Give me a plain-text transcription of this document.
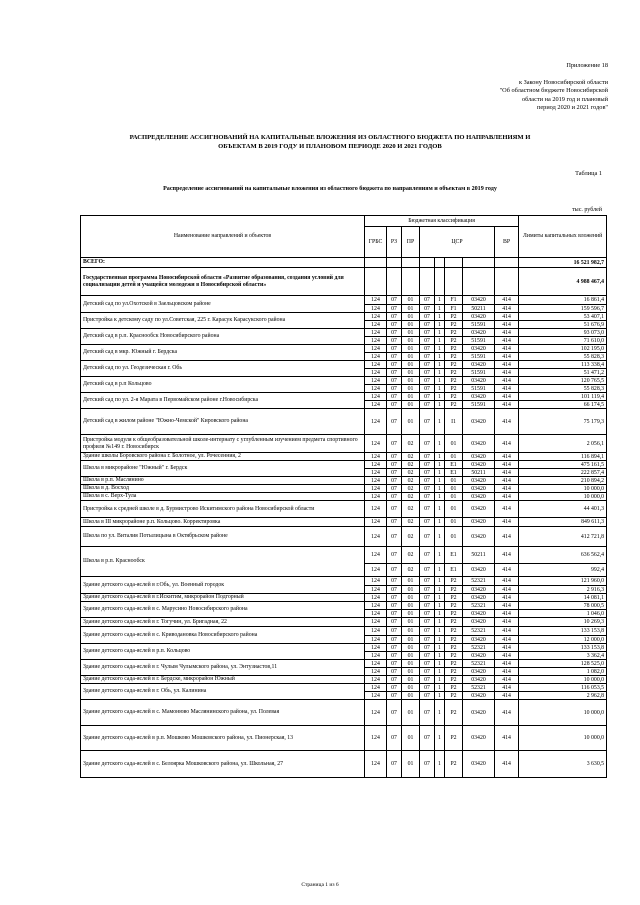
Приложение 18
к Закону Новосибирской области
"Об областном бюджете Новосибирской
области на 2019 год и плановый
период 2020 и 2021 годов"
РАСПРЕДЕЛЕНИЕ АССИГНОВАНИЙ НА КАПИТАЛЬНЫЕ ВЛОЖЕНИЯ ИЗ ОБЛАСТНОГО БЮДЖЕТА ПО НАПРАВЛЕНИЯМ И
ОБЪЕКТАМ В 2019 ГОДУ И ПЛАНОВОМ ПЕРИОДЕ 2020 И 2021 ГОДОВ
Таблица 1
Распределение ассигнований на капитальные вложения из областного бюджета по направлениям и объектам в 2019 году
тыс. рублей
Наименование направлений и объектов	Бюджетная классификация								Лимиты капитальных вложений
	ГРБС	РЗ	ПР	ЦСР				ВР	
ВСЕГО:									16 521 982,7
Государственная программа Новосибирской области «Развитие образования, создания условий для социализации детей и учащейся молодежи в Новосибирской области»									4 988 467,4
Детский сад по ул.Охотской в Заельцовском районе	124	07	01	07	1	F1	03420	414	16 861,4
	124	07	01	07	1	F1	50211	414	159 596,7
Пристройка к детскому саду по ул.Советская, 225 г. Карасук Карасукского района	124	07	01	07	1	P2	03420	414	53 407,1
	124	07	01	07	1	P2	51591	414	51 676,9
Детский сад в р.п. Краснообск Новосибирского района	124	07	01	07	1	P2	03420	414	93 073,0
	124	07	01	07	1	P2	51591	414	71 610,0
Детский сад в мкр. Южный г. Бердска	124	07	01	07	1	P2	03420	414	102 195,0
	124	07	01	07	1	P2	51591	414	55 828,3
Детский сад по ул. Геодезическая г. Обь	124	07	01	07	1	P2	03420	414	113 338,4
	124	07	01	07	1	P2	51591	414	51 471,2
Детский сад в р.п Кольцово	124	07	01	07	1	P2	03420	414	120 765,5
	124	07	01	07	1	P2	51591	414	55 828,3
Детский сад по ул. 2-я Марата в Первомайском районе г.Новосибирска	124	07	01	07	1	P2	03420	414	101 119,4
	124	07	01	07	1	P2	51591	414	66 174,5
Детский сад в жилом районе "Южно-Чемской" Кировского района	124	07	01	07	1	I1	03420	414	75 179,3
Пристройка модуля к общеобразовательной школе-интернату с углубленным изучением предмета спортивного профиля №149 г. Новосибирск	124	07	02	07	1	01	03420	414	2 056,1
Здание школы Боровского района г. Болотное, ул. Рочесенния, 2	124	07	02	07	1	01	03420	414	116 894,1
Школа в микрорайоне "Южный" г. Бердск	124	07	02	07	1	E1	03420	414	475 161,5
	124	07	02	07	1	E1	50211	414	222 857,4
Школа в р.п. Маслянино	124	07	02	07	1	01	03420	414	210 894,2
Школа в д. Восход	124	07	02	07	1	01	03420	414	10 000,0
Школа в с. Верх-Тула	124	07	02	07	1	01	03420	414	10 000,0
Пристройка к средней школе в д. Бурмистрово Искитимского района Новосибирской области	124	07	02	07	1	01	03420	414	44 401,3
Школа в III микрорайоне р.п. Кольцово. Корректировка	124	07	02	07	1	01	03420	414	849 611,3
Школа по ул. Виталия Потылицына в Октябрьском районе	124	07	02	07	1	01	03420	414	412 721,8
Школа в р.п. Краснообск	124	07	02	07	1	E1	50211	414	636 562,4
	124	07	02	07	1	E1	03420	414	992,4
Здание детского сада-яслей в г.Обь, ул. Военный городок	124	07	01	07	1	P2	52321	414	121 960,0
	124	07	01	07	1	P2	03420	414	2 916,3
Здание детского сада-яслей в г.Искитим, микрорайон Подгорный	124	07	01	07	1	P2	03420	414	14 081,1
Здание детского сада-яслей в с. Марусино Новосибирского района	124	07	01	07	1	P2	52321	414	78 000,5
	124	07	01	07	1	P2	03420	414	1 046,0
Здание детского сада-яслей в г. Тогучин, ул. Бригадная, 22	124	07	01	07	1	P2	03420	414	10 269,3
Здание детского сада-яслей в с. Криводановка Новосибирского района	124	07	01	07	1	P2	52321	414	133 153,8
	124	07	01	07	1	P2	03420	414	12 000,0
Здание детского сада-яслей в р.п. Кольцово	124	07	01	07	1	P2	52321	414	133 153,8
	124	07	01	07	1	P2	03420	414	3 362,4
Здание детского сада-яслей в г. Чулым Чулымского района, ул. Энтузиастов,11	124	07	01	07	1	P2	52321	414	128 525,0
	124	07	01	07	1	P2	03420	414	1 082,0
Здание детского сада-яслей в г. Бердске, микрорайон Южный	124	07	01	07	1	P2	03420	414	10 000,0
Здание детского сада-яслей в г. Обь, ул. Калинина	124	07	01	07	1	P2	52321	414	116 053,5
	124	07	01	07	1	P2	03420	414	2 962,8
Здание детского сада-яслей в с. Мамонюво Маслянинского района, ул. Полевая	124	07	01	07	1	P2	03420	414	10 000,0
Здание детского сада-яслей в р.п. Мошково Мошковского района, ул. Пионерская, 13	124	07	01	07	1	P2	03420	414	10 000,0
Здание детского сада-яслей в с. Белоярка Мошковского района, ул. Школьная, 27	124	07	01	07	1	P2	03420	414	3 630,5
Страница 1 из 6
